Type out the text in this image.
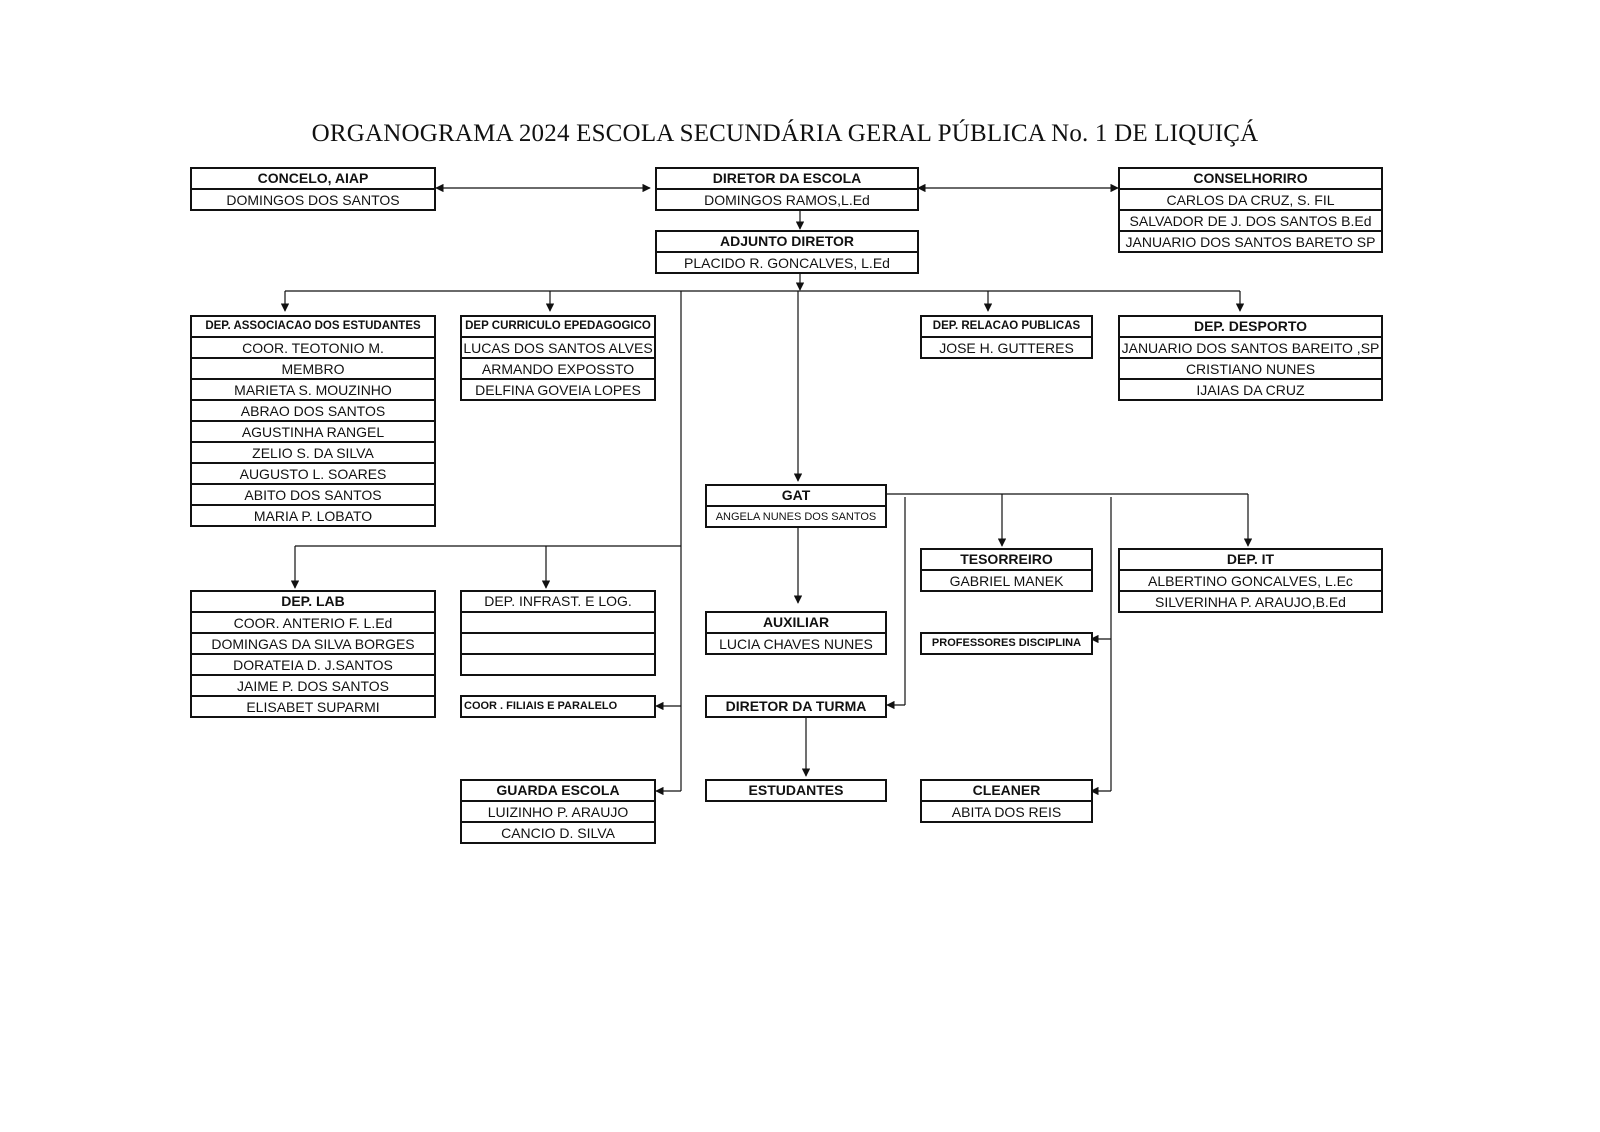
ORGANOGRAMA 2024 ESCOLA SECUNDÁRIA GERAL PÚBLICA No. 1 DE LIQUIÇÁ
CONCELO, AIAP
DOMINGOS DOS SANTOS
DIRETOR DA ESCOLA
DOMINGOS RAMOS,L.Ed
CONSELHORIRO
CARLOS DA CRUZ, S. FIL
SALVADOR DE J. DOS SANTOS B.Ed
JANUARIO DOS SANTOS BARETO SP
ADJUNTO DIRETOR
PLACIDO R. GONCALVES, L.Ed
DEP. ASSOCIACAO DOS ESTUDANTES
COOR. TEOTONIO M.
MEMBRO
MARIETA S. MOUZINHO
ABRAO DOS SANTOS
AGUSTINHA RANGEL
ZELIO S. DA SILVA
AUGUSTO L. SOARES
ABITO DOS SANTOS
MARIA P. LOBATO
DEP CURRICULO EPEDAGOGICO
LUCAS DOS SANTOS ALVES
ARMANDO EXPOSSTO
DELFINA GOVEIA LOPES
DEP. RELACAO PUBLICAS
JOSE H. GUTTERES
DEP. DESPORTO
JANUARIO DOS SANTOS BAREITO ,SP
CRISTIANO NUNES
IJAIAS DA CRUZ
GAT
ANGELA NUNES DOS SANTOS
TESORREIRO
GABRIEL MANEK
DEP. IT
ALBERTINO GONCALVES, L.Ec
SILVERINHA P. ARAUJO,B.Ed
DEP. LAB
COOR. ANTERIO F. L.Ed
DOMINGAS DA SILVA BORGES
DORATEIA D. J.SANTOS
JAIME P. DOS SANTOS
ELISABET SUPARMI
DEP. INFRAST. E LOG.
AUXILIAR
LUCIA CHAVES NUNES	PROFESSORES DISCIPLINA
COOR . FILIAIS E PARALELO	DIRETOR DA TURMA
GUARDA ESCOLA
LUIZINHO P. ARAUJO
CANCIO D. SILVA
ESTUDANTES	CLEANER
ABITA DOS REIS
